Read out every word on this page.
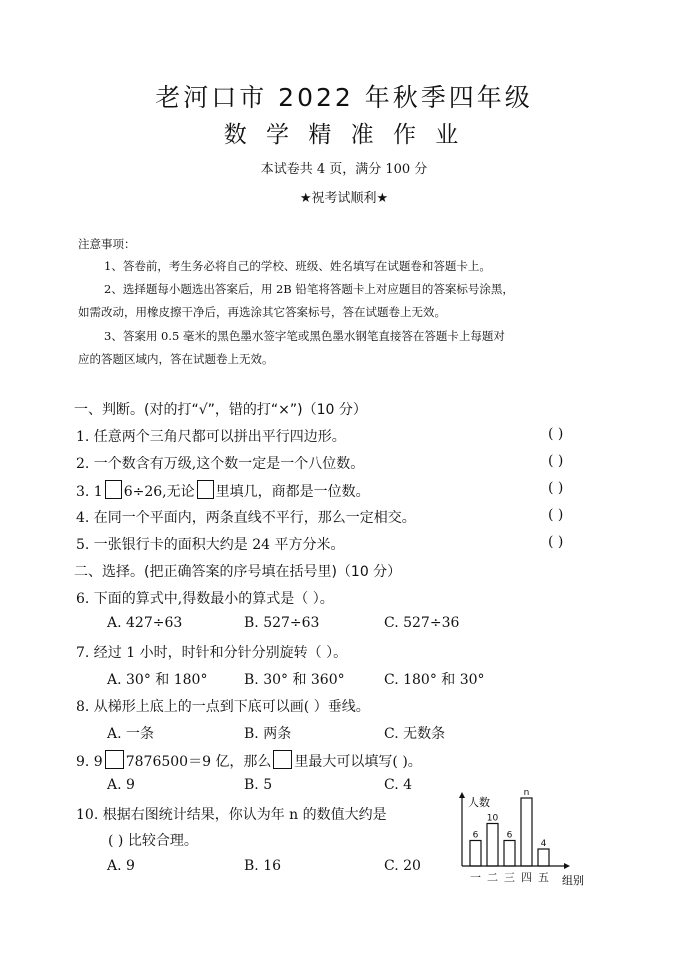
老河口市 2022 年秋季四年级
数 学 精 准 作 业
本试卷共 4 页，满分 100 分
★祝考试顺利★
注意事项：
1、答卷前，考生务必将自己的学校、班级、姓名填写在试题卷和答题卡上。
2、选择题每小题选出答案后，用 2B 铅笔将答题卡上对应题目的答案标号涂黑，
如需改动，用橡皮擦干净后，再选涂其它答案标号，答在试题卷上无效。
3、答案用 0.5 毫米的黑色墨水签字笔或黑色墨水钢笔直接答在答题卡上每题对
应的答题区域内，答在试题卷上无效。
一、判断。(对的打“√”，错的打“×”)（10 分）
1. 任意两个三角尺都可以拼出平行四边形。	( )
2. 一个数含有万级,这个数一定是一个八位数。	( )
3. 1 6÷26,无论 里填几，商都是一位数。	( )
4. 在同一个平面内，两条直线不平行，那么一定相交。	( )
5. 一张银行卡的面积大约是 24 平方分米。	( )
二、选择。(把正确答案的序号填在括号里)（10 分）
6. 下面的算式中,得数最小的算式是（ ）。
A. 427÷63	B. 527÷63	C. 527÷36
7. 经过 1 小时，时针和分针分别旋转（ ）。
A. 30° 和 180°	B. 30° 和 360°	C. 180° 和 30°
8. 从梯形上底上的一点到下底可以画( ）垂线。
A. 一条	B. 两条	C. 无数条
9. 9 7876500＝9 亿，那么 里最大可以填写( )。
A. 9	B. 5	C. 4
10. 根据右图统计结果，你认为年 n 的数值大约是
( ) 比较合理。
A. 9	B. 16	C. 20
人数
组别
6
一
10
二
6
三
n
四
4
五
